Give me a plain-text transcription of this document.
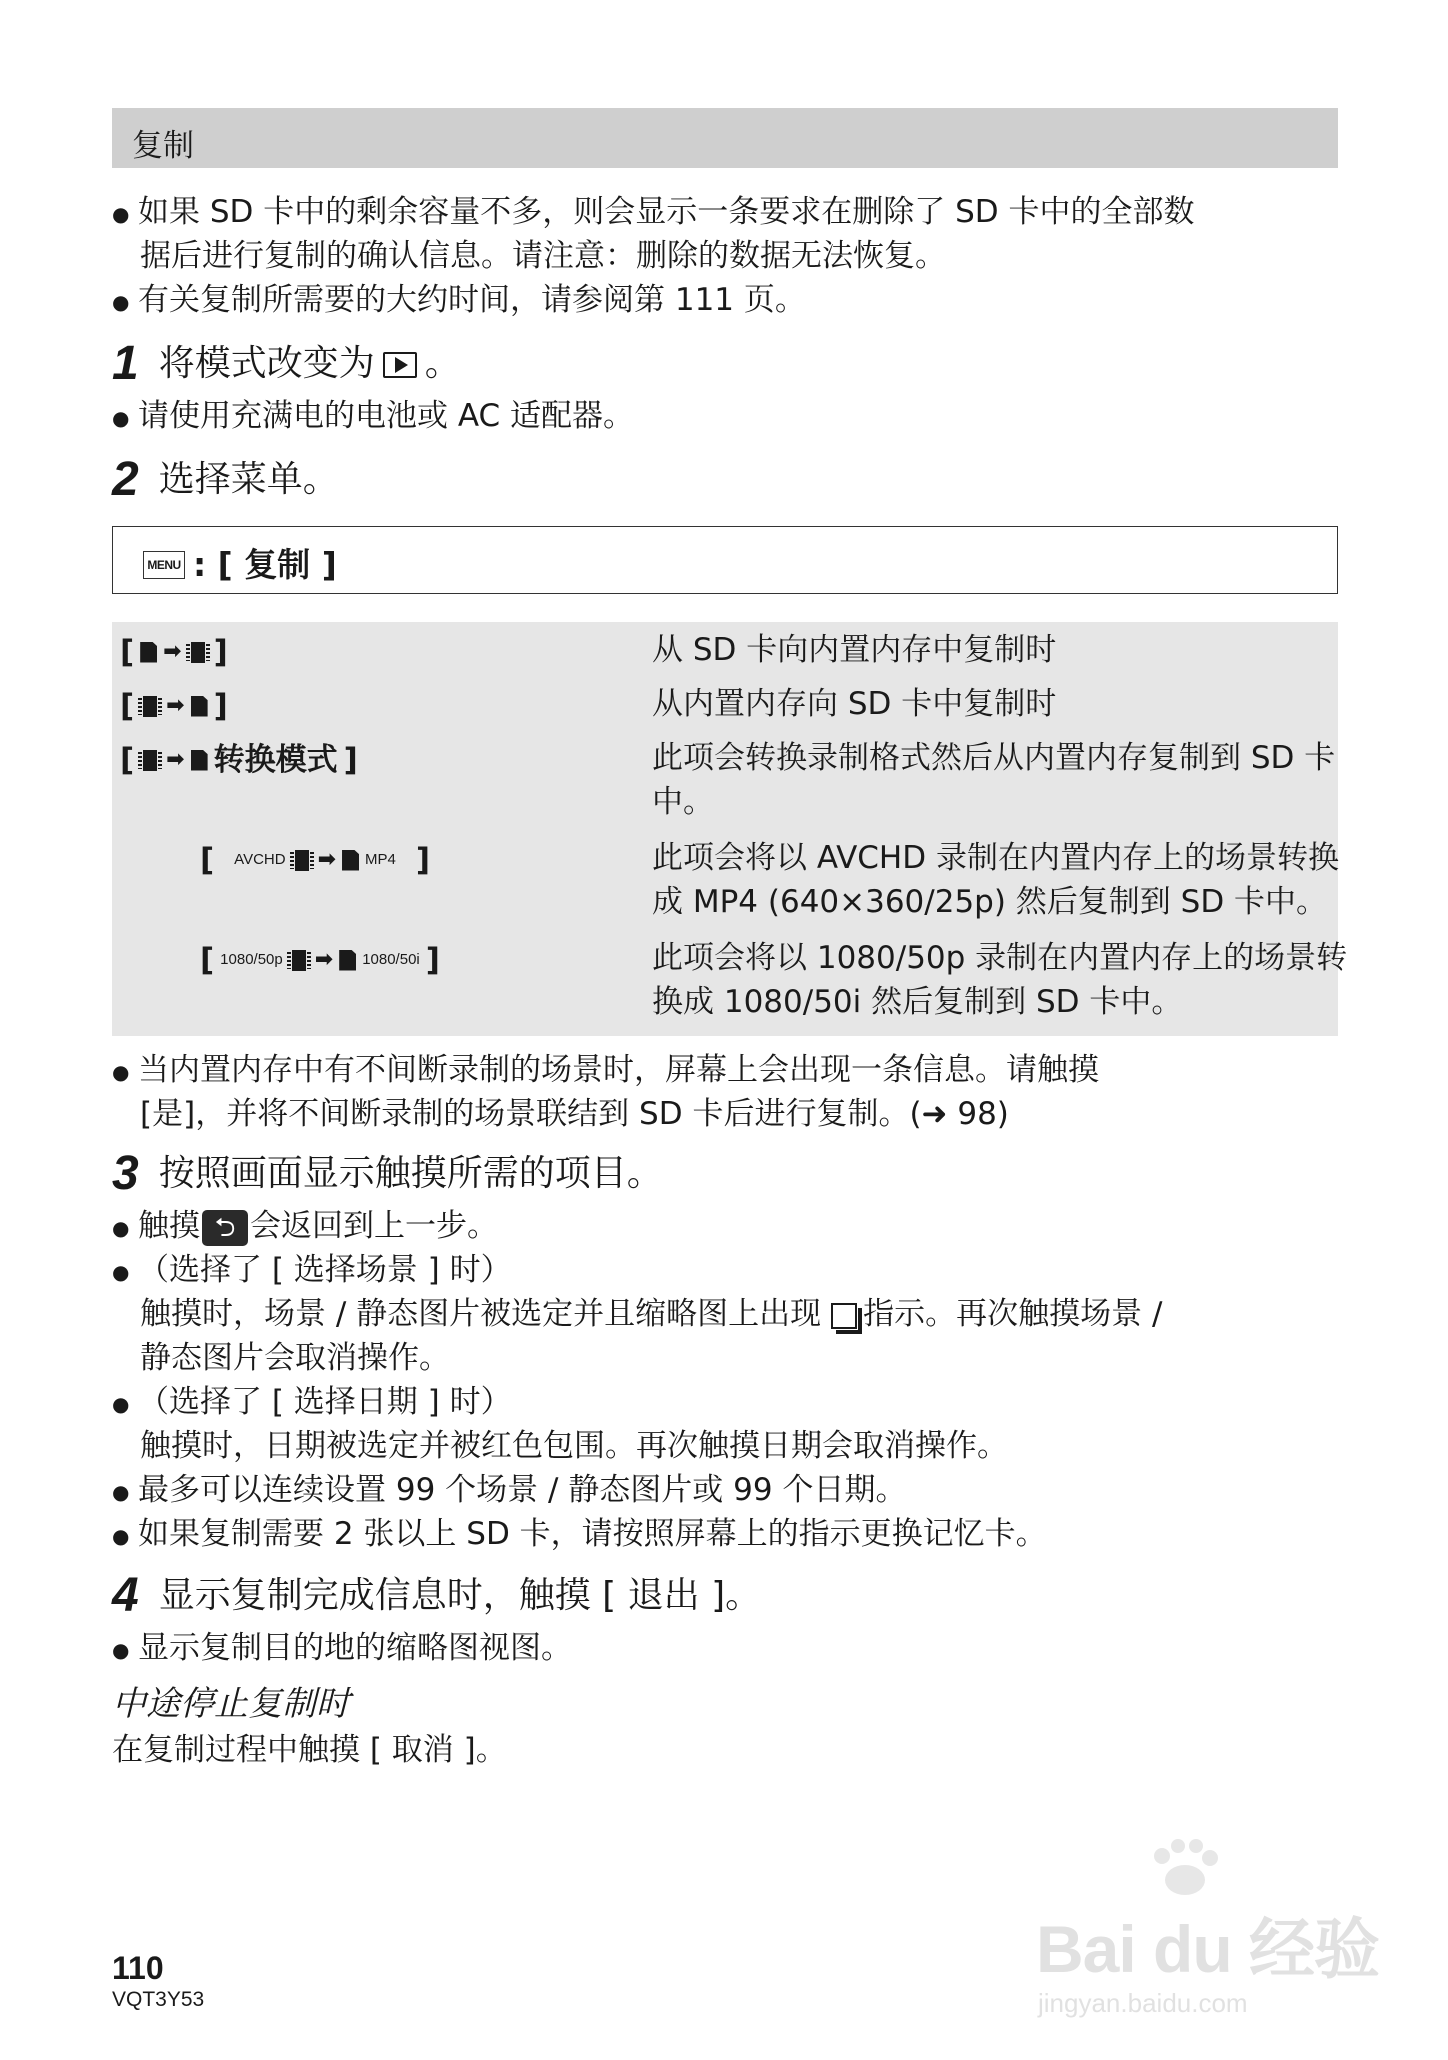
复制
● 如果 SD 卡中的剩余容量不多，则会显示一条要求在删除了 SD 卡中的全部数
据后进行复制的确认信息。请注意：删除的数据无法恢复。
● 有关复制所需要的大约时间，请参阅第 111 页。
1 将模式改变为 。
● 请使用充满电的电池或 AC 适配器。
2 选择菜单。
MENU : [ 复制 ]
[ ➡ ]	从 SD 卡向内置内存中复制时
[ ➡ ]	从内置内存向 SD 卡中复制时
[ ➡ 转换模式 ]	此项会转换录制格式然后从内置内存复制到 SD 卡
中。
[ AVCHD ➡ MP4 ]	此项会将以 AVCHD 录制在内置内存上的场景转换
成 MP4 (640×360/25p) 然后复制到 SD 卡中。
[ 1080/50p ➡ 1080/50i ]	此项会将以 1080/50p 录制在内置内存上的场景转
换成 1080/50i 然后复制到 SD 卡中。
● 当内置内存中有不间断录制的场景时，屏幕上会出现一条信息。请触摸
[是]，并将不间断录制的场景联结到 SD 卡后进行复制。(➜ 98)
3 按照画面显示触摸所需的项目。
● 触摸 ⮌ 会返回到上一步。
● （选择了 [ 选择场景 ] 时）
触摸时，场景 / 静态图片被选定并且缩略图上出现 指示。再次触摸场景 /
静态图片会取消操作。
● （选择了 [ 选择日期 ] 时）
触摸时，日期被选定并被红色包围。再次触摸日期会取消操作。
● 最多可以连续设置 99 个场景 / 静态图片或 99 个日期。
● 如果复制需要 2 张以上 SD 卡，请按照屏幕上的指示更换记忆卡。
4 显示复制完成信息时，触摸 [ 退出 ]。
● 显示复制目的地的缩略图视图。
中途停止复制时
在复制过程中触摸 [ 取消 ]。
110
VQT3Y53
Bai du 经验
jingyan.baidu.com
